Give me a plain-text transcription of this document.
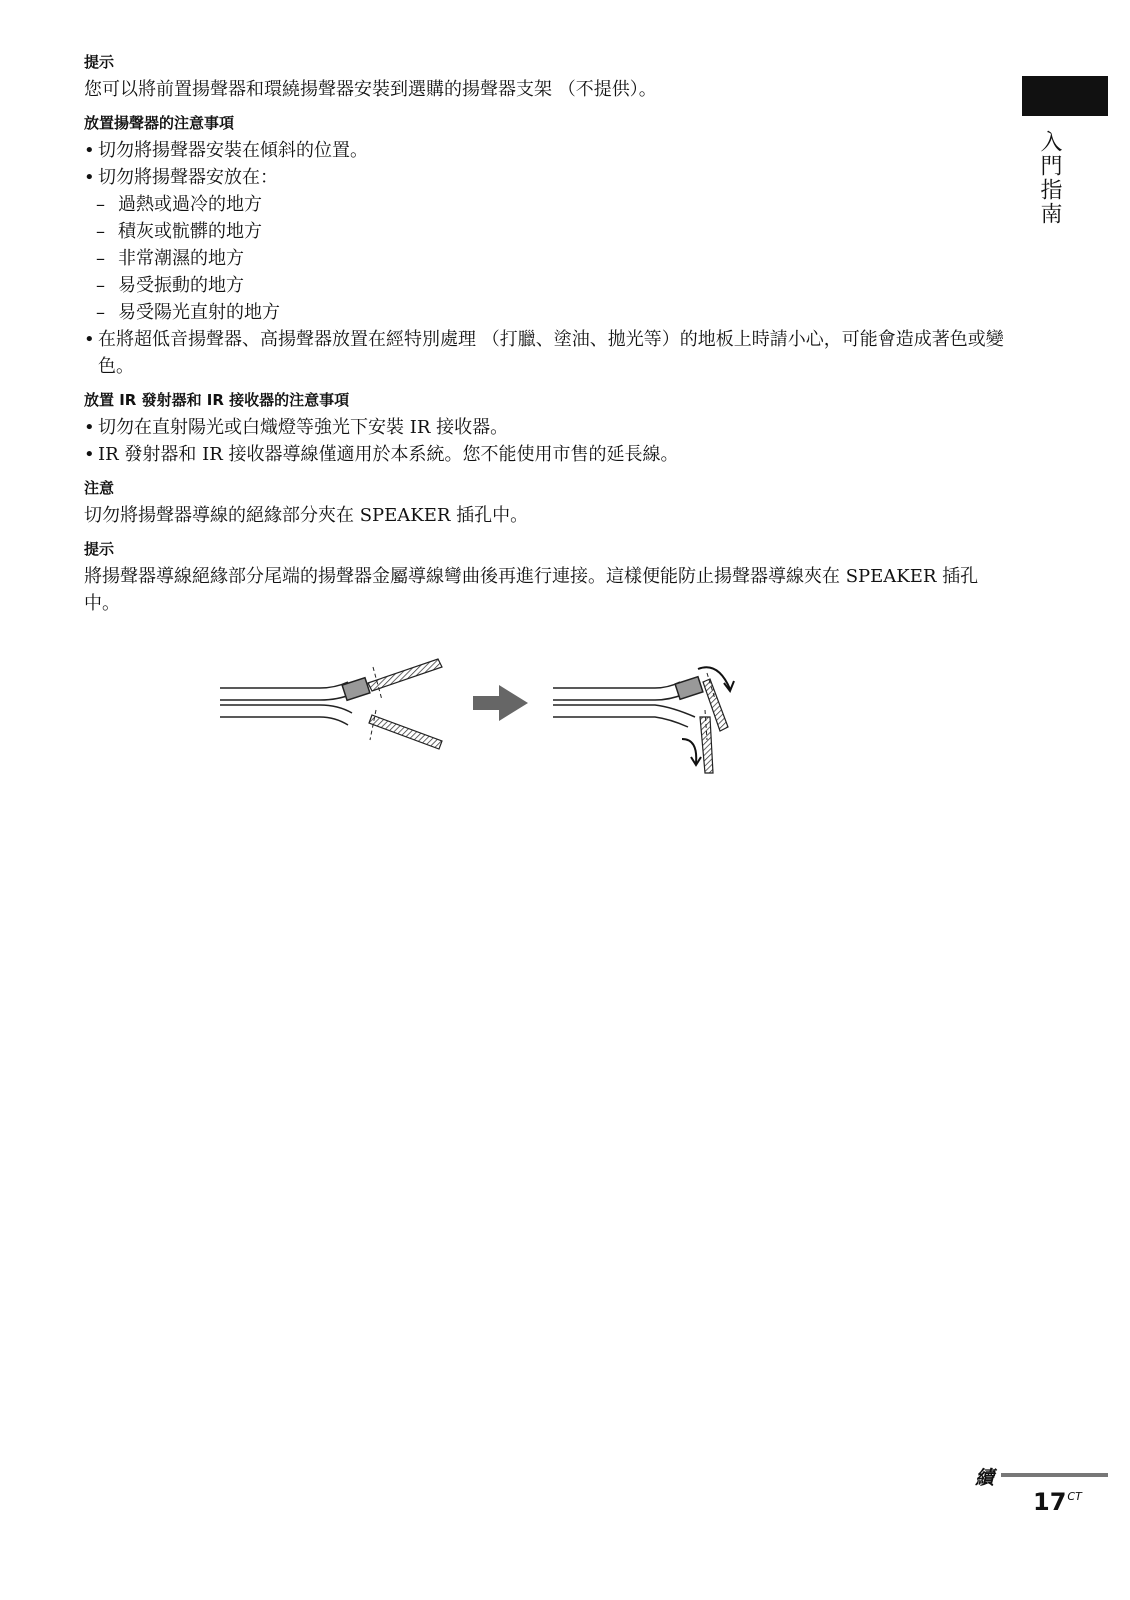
入門指南
提示

您可以將前置揚聲器和環繞揚聲器安裝到選購的揚聲器支架 （不提供）。

放置揚聲器的注意事項
• 切勿將揚聲器安裝在傾斜的位置。
• 切勿將揚聲器安放在：
– 過熱或過冷的地方
– 積灰或骯髒的地方
– 非常潮濕的地方
– 易受振動的地方
– 易受陽光直射的地方
• 在將超低音揚聲器、高揚聲器放置在經特別處理 （打臘、塗油、拋光等）的地板上時請小心，可能會造成著色或變色。
放置 IR 發射器和 IR 接收器的注意事項
• 切勿在直射陽光或白熾燈等強光下安裝 IR 接收器。
• IR 發射器和 IR 接收器導線僅適用於本系統。您不能使用市售的延長線。
注意

切勿將揚聲器導線的絕緣部分夾在 SPEAKER 插孔中。

提示

將揚聲器導線絕緣部分尾端的揚聲器金屬導線彎曲後再進行連接。這樣便能防止揚聲器導線夾在 SPEAKER 插孔中。

續
$17^{CT}$
